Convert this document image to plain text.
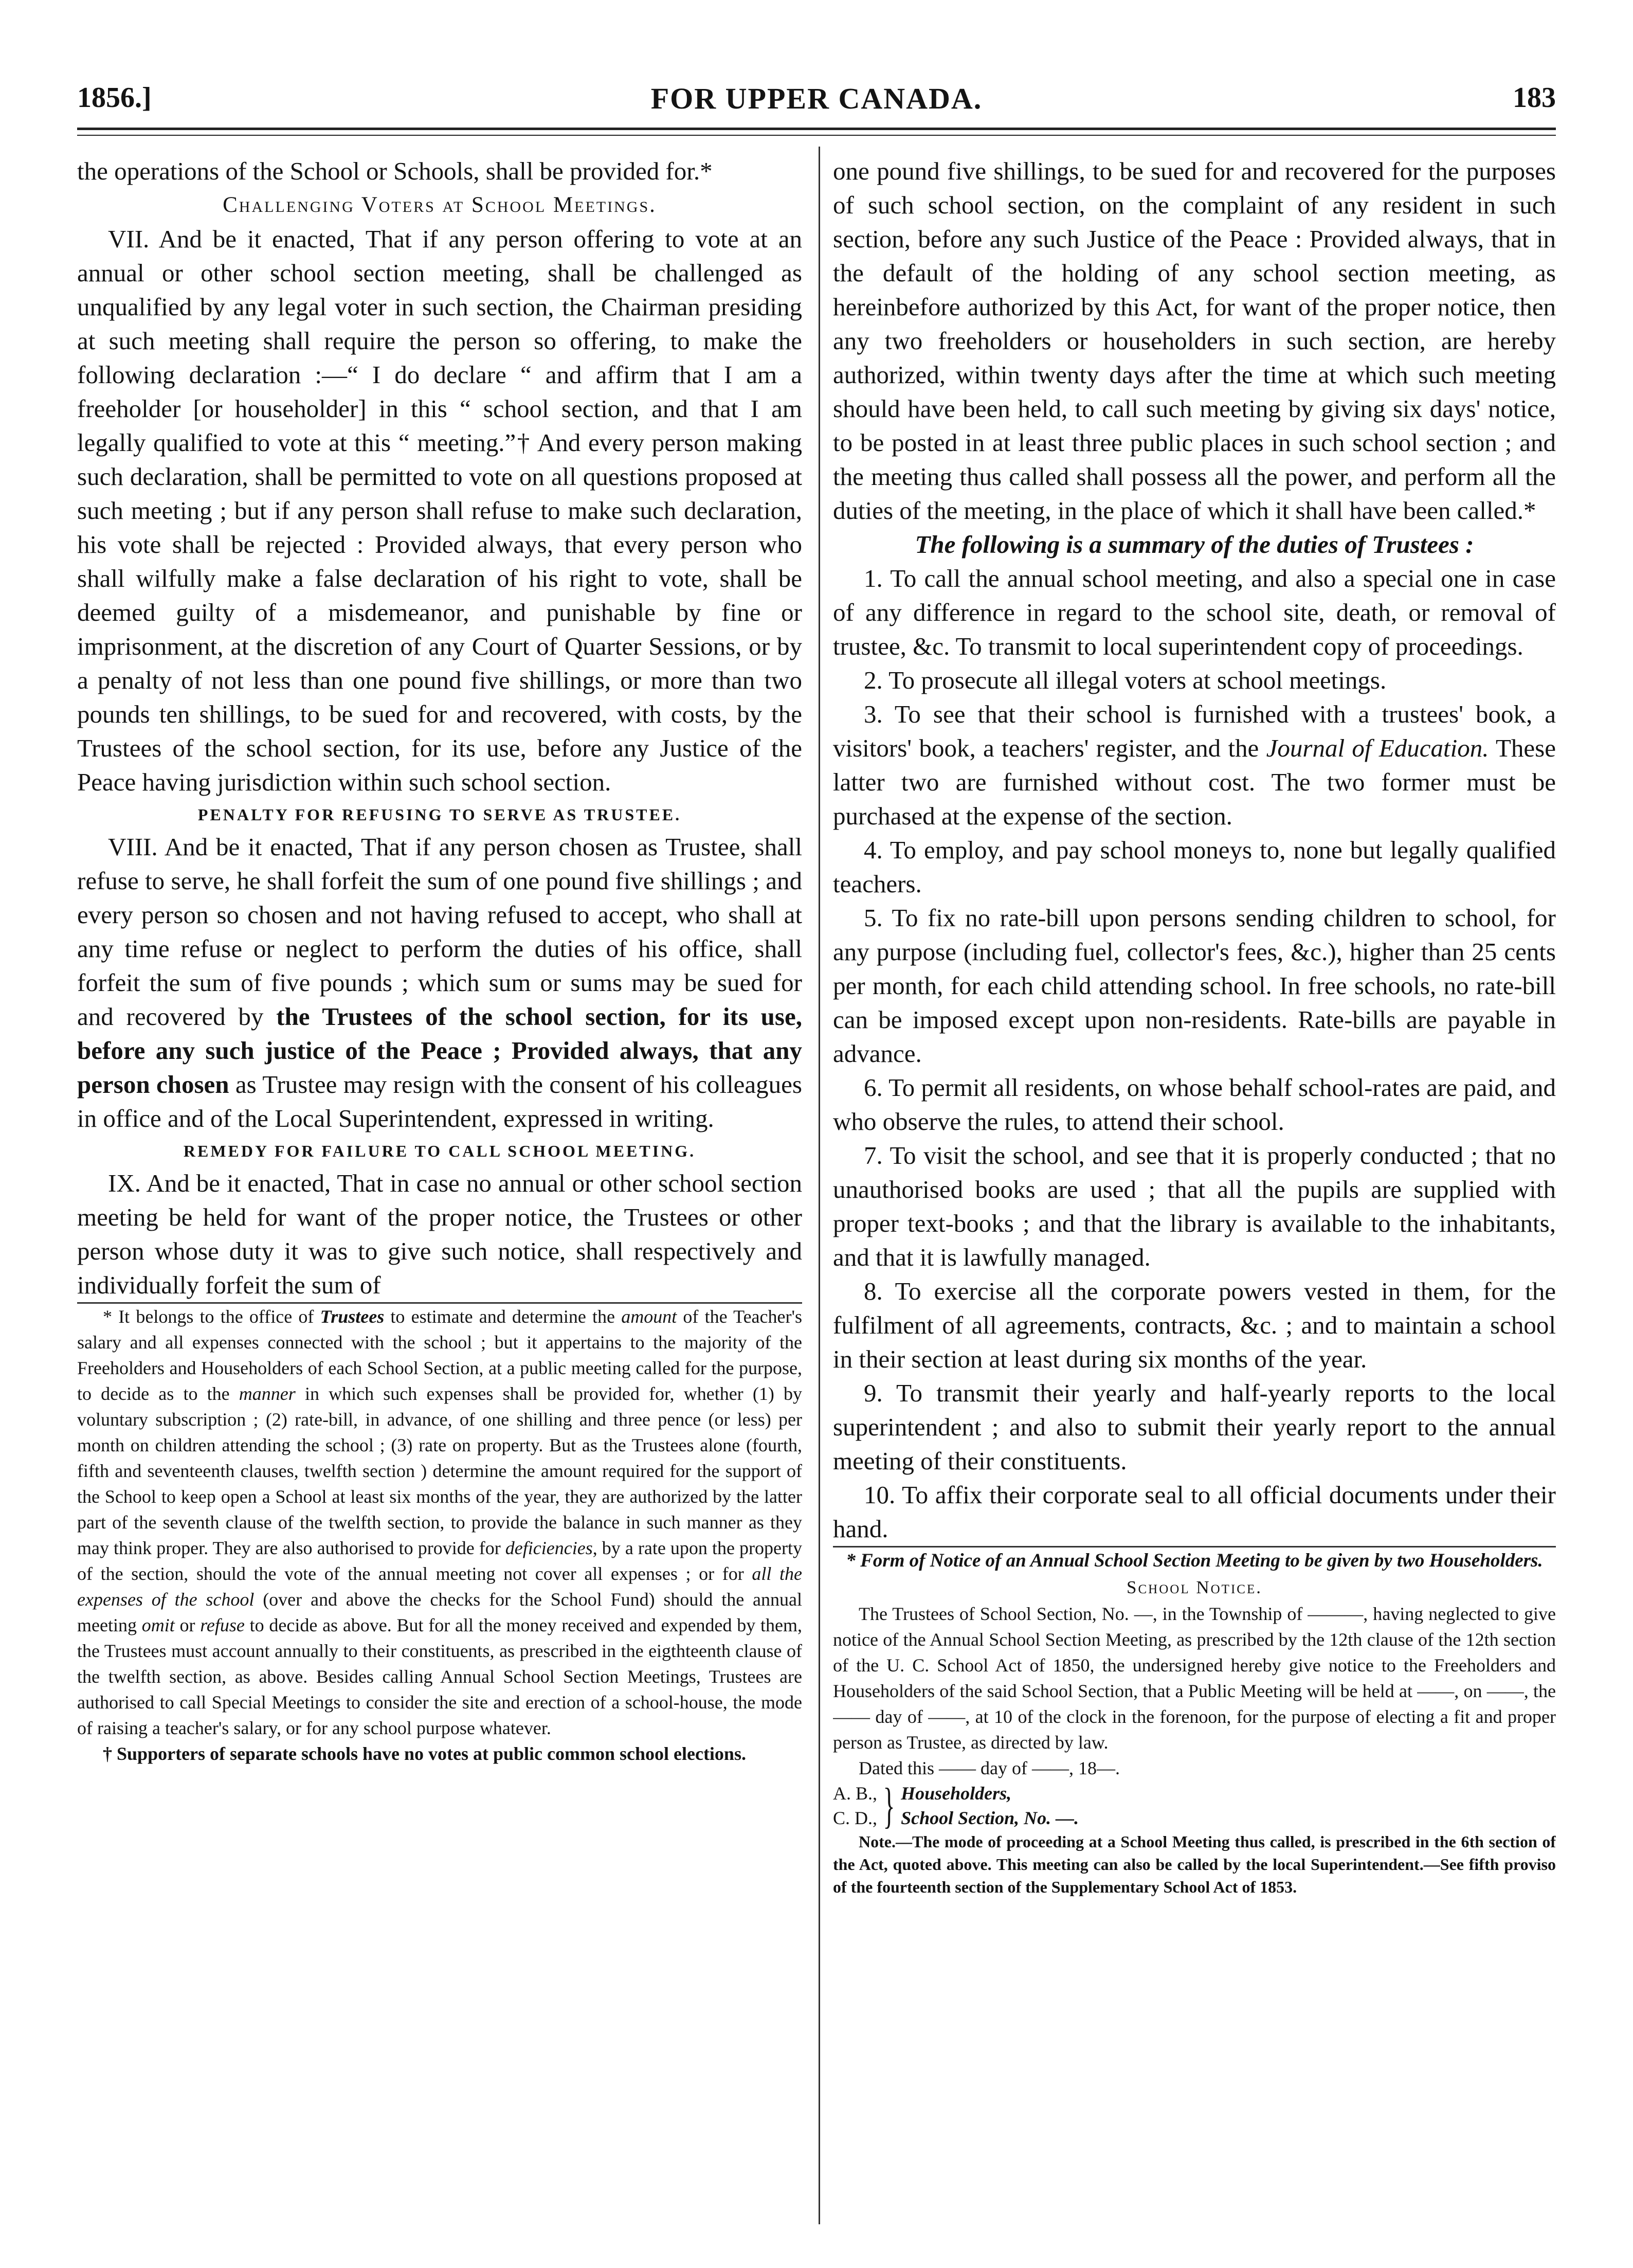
1856.]	FOR UPPER CANADA.	183

the operations of the School or Schools, shall be provided for.*

Challenging Voters at School Meetings.

VII. And be it enacted, That if any person offering to vote at an annual or other school section meeting, shall be challenged as unqualified by any legal voter in such section, the Chairman presiding at such meeting shall require the person so offering, to make the following declaration :—“ I do declare “ and affirm that I am a freeholder [or householder] in this “ school section, and that I am legally qualified to vote at this “ meeting.”† And every person making such declaration, shall be permitted to vote on all questions proposed at such meeting ; but if any person shall refuse to make such declaration, his vote shall be rejected : Provided always, that every person who shall wilfully make a false declaration of his right to vote, shall be deemed guilty of a misdemeanor, and punishable by fine or imprisonment, at the discretion of any Court of Quarter Sessions, or by a penalty of not less than one pound five shillings, or more than two pounds ten shillings, to be sued for and recovered, with costs, by the Trustees of the school section, for its use, before any Justice of the Peace having jurisdiction within such school section.

PENALTY FOR REFUSING TO SERVE AS TRUSTEE.

VIII. And be it enacted, That if any person chosen as Trustee, shall refuse to serve, he shall forfeit the sum of one pound five shillings ; and every person so chosen and not having refused to accept, who shall at any time refuse or neglect to perform the duties of his office, shall forfeit the sum of five pounds ; which sum or sums may be sued for and recovered by the Trustees of the school section, for its use, before any such justice of the Peace ; Provided always, that any person chosen as Trustee may resign with the consent of his colleagues in office and of the Local Superintendent, expressed in writing.

REMEDY FOR FAILURE TO CALL SCHOOL MEETING.

IX. And be it enacted, That in case no annual or other school section meeting be held for want of the proper notice, the Trustees or other person whose duty it was to give such notice, shall respectively and individually forfeit the sum of

* It belongs to the office of Trustees to estimate and determine the amount of the Teacher's salary and all expenses connected with the school ; but it appertains to the majority of the Freeholders and Householders of each School Section, at a public meeting called for the purpose, to decide as to the manner in which such expenses shall be provided for, whether (1) by voluntary subscription ; (2) rate-bill, in advance, of one shilling and three pence (or less) per month on children attending the school ; (3) rate on property. But as the Trustees alone (fourth, fifth and seventeenth clauses, twelfth section ) determine the amount required for the support of the School to keep open a School at least six months of the year, they are authorized by the latter part of the seventh clause of the twelfth section, to provide the balance in such manner as they may think proper. They are also authorised to provide for deficiencies, by a rate upon the property of the section, should the vote of the annual meeting not cover all expenses ; or for all the expenses of the school (over and above the checks for the School Fund) should the annual meeting omit or refuse to decide as above. But for all the money received and expended by them, the Trustees must account annually to their constituents, as prescribed in the eigthteenth clause of the twelfth section, as above. Besides calling Annual School Section Meetings, Trustees are authorised to call Special Meetings to consider the site and erection of a school-house, the mode of raising a teacher's salary, or for any school purpose whatever.

† Supporters of separate schools have no votes at public common school elections.

one pound five shillings, to be sued for and recovered for the purposes of such school section, on the complaint of any resident in such section, before any such Justice of the Peace : Provided always, that in the default of the holding of any school section meeting, as hereinbefore authorized by this Act, for want of the proper notice, then any two freeholders or householders in such section, are hereby authorized, within twenty days after the time at which such meeting should have been held, to call such meeting by giving six days' notice, to be posted in at least three public places in such school section ; and the meeting thus called shall possess all the power, and perform all the duties of the meeting, in the place of which it shall have been called.*

The following is a summary of the duties of Trustees :

1. To call the annual school meeting, and also a special one in case of any difference in regard to the school site, death, or removal of trustee, &c. To transmit to local superintendent copy of proceedings.

2. To prosecute all illegal voters at school meetings.

3. To see that their school is furnished with a trustees' book, a visitors' book, a teachers' register, and the Journal of Education. These latter two are furnished without cost. The two former must be purchased at the expense of the section.

4. To employ, and pay school moneys to, none but legally qualified teachers.

5. To fix no rate-bill upon persons sending children to school, for any purpose (including fuel, collector's fees, &c.), higher than 25 cents per month, for each child attending school. In free schools, no rate-bill can be imposed except upon non-residents. Rate-bills are payable in advance.

6. To permit all residents, on whose behalf school-rates are paid, and who observe the rules, to attend their school.

7. To visit the school, and see that it is properly conducted ; that no unauthorised books are used ; that all the pupils are supplied with proper text-books ; and that the library is available to the inhabitants, and that it is lawfully managed.

8. To exercise all the corporate powers vested in them, for the fulfilment of all agreements, contracts, &c. ; and to maintain a school in their section at least during six months of the year.

9. To transmit their yearly and half-yearly reports to the local superintendent ; and also to submit their yearly report to the annual meeting of their constituents.

10. To affix their corporate seal to all official documents under their hand.

* Form of Notice of an Annual School Section Meeting to be given by two Householders.
School Notice.

The Trustees of School Section, No. —, in the Township of ———, having neglected to give notice of the Annual School Section Meeting, as prescribed by the 12th clause of the 12th section of the U. C. School Act of 1850, the undersigned hereby give notice to the Freeholders and Householders of the said School Section, that a Public Meeting will be held at ——, on ——, the —— day of ——, at 10 of the clock in the forenoon, for the purpose of electing a fit and proper person as Trustee, as directed by law.

Dated this —— day of ——, 18—.

A. B.,
C. D., } Householders,
School Section, No. —.

Note.—The mode of proceeding at a School Meeting thus called, is prescribed in the 6th section of the Act, quoted above. This meeting can also be called by the local Superintendent.—See fifth proviso of the fourteenth section of the Supplementary School Act of 1853.
